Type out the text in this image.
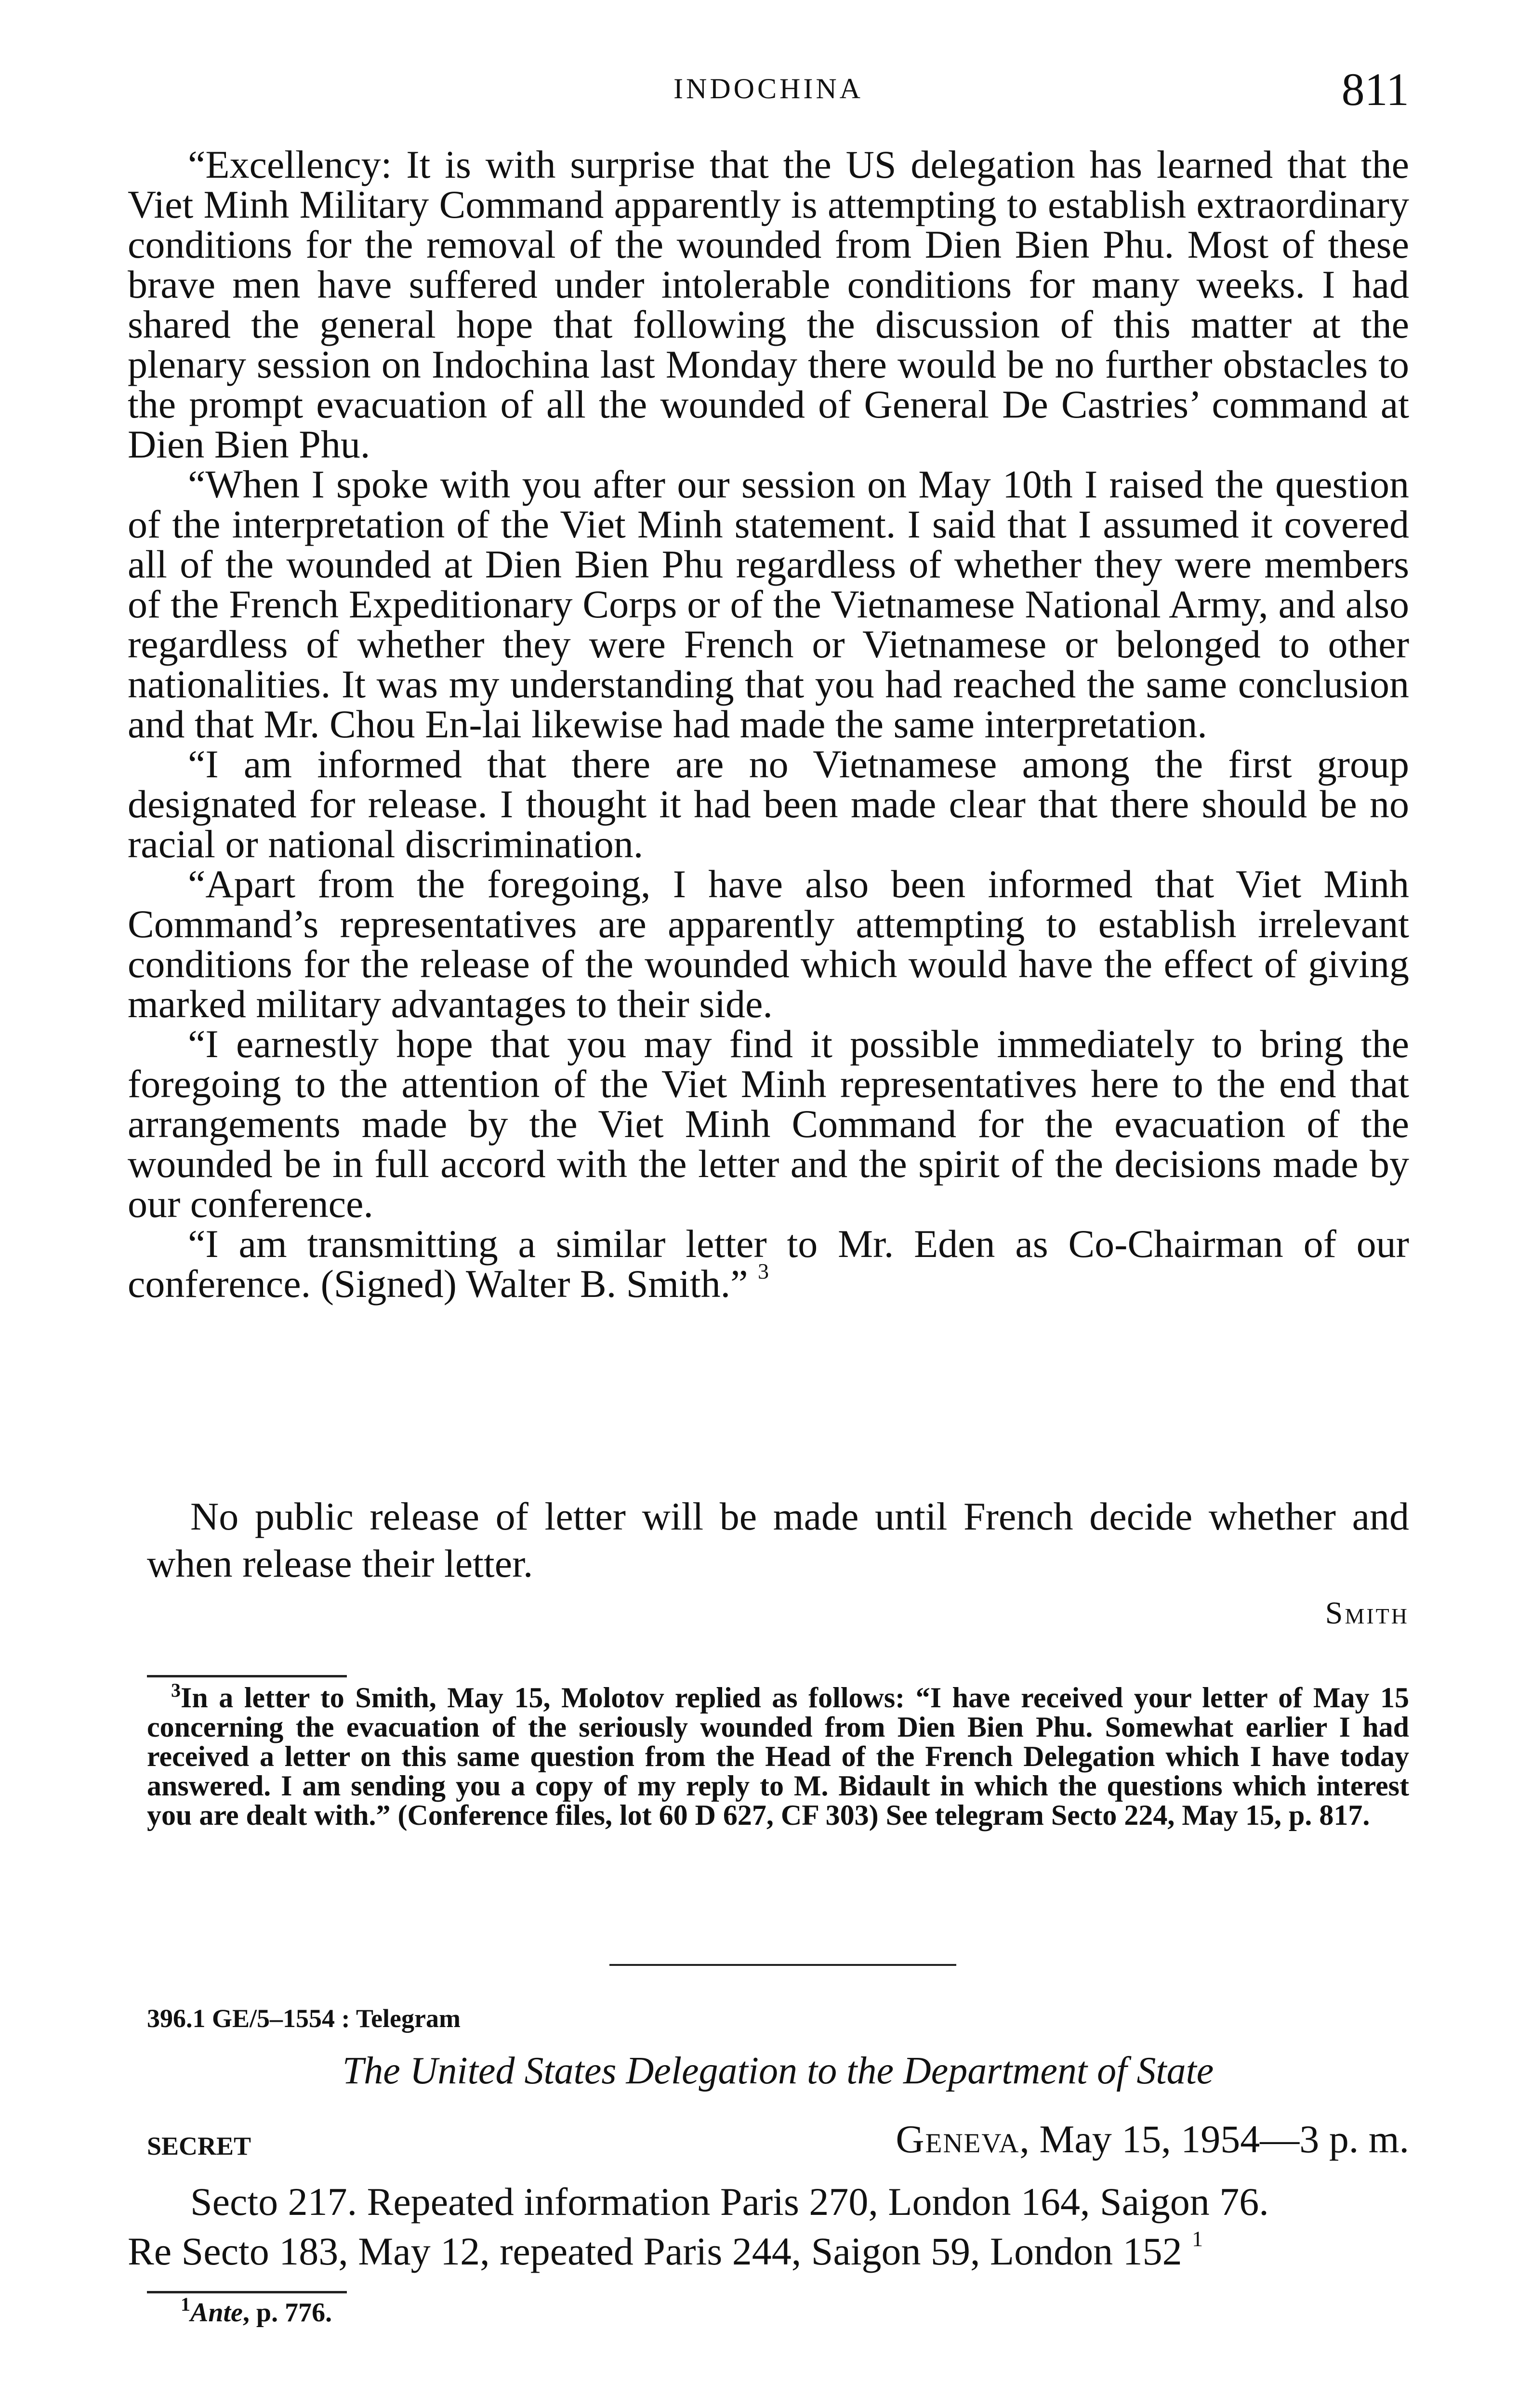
INDOCHINA	811

“Excellency: It is with surprise that the US delegation has learned that the Viet Minh Military Command apparently is attempting to establish extraordinary conditions for the removal of the wounded from Dien Bien Phu. Most of these brave men have suffered under intolerable conditions for many weeks. I had shared the general hope that following the discussion of this matter at the plenary session on Indochina last Monday there would be no further obstacles to the prompt evacuation of all the wounded of General De Castries’ command at Dien Bien Phu.

“When I spoke with you after our session on May 10th I raised the question of the interpretation of the Viet Minh statement. I said that I assumed it covered all of the wounded at Dien Bien Phu regardless of whether they were members of the French Expeditionary Corps or of the Vietnamese National Army, and also regardless of whether they were French or Vietnamese or belonged to other nationalities. It was my understanding that you had reached the same conclusion and that Mr. Chou En-lai likewise had made the same interpretation.

“I am informed that there are no Vietnamese among the first group designated for release. I thought it had been made clear that there should be no racial or national discrimination.

“Apart from the foregoing, I have also been informed that Viet Minh Command’s representatives are apparently attempting to establish irrelevant conditions for the release of the wounded which would have the effect of giving marked military advantages to their side.

“I earnestly hope that you may find it possible immediately to bring the foregoing to the attention of the Viet Minh representatives here to the end that arrangements made by the Viet Minh Command for the evacuation of the wounded be in full accord with the letter and the spirit of the decisions made by our conference.

“I am transmitting a similar letter to Mr. Eden as Co-Chairman of our conference. (Signed) Walter B. Smith.” $^3$

No public release of letter will be made until French decide whether and when release their letter.

Smith

$^3$In a letter to Smith, May 15, Molotov replied as follows: “I have received your letter of May 15 concerning the evacuation of the seriously wounded from Dien Bien Phu. Somewhat earlier I had received a letter on this same question from the Head of the French Delegation which I have today answered. I am sending you a copy of my reply to M. Bidault in which the questions which interest you are dealt with.” (Conference files, lot 60 D 627, CF 303) See telegram Secto 224, May 15, p. 817.

396.1 GE/5–1554 : Telegram
The United States Delegation to the Department of State
SECRET	Geneva, May 15, 1954—3 p. m.

Secto 217. Repeated information Paris 270, London 164, Saigon 76.

Re Secto 183, May 12, repeated Paris 244, Saigon 59, London 152 $^1$

$^1$Ante, p. 776.
